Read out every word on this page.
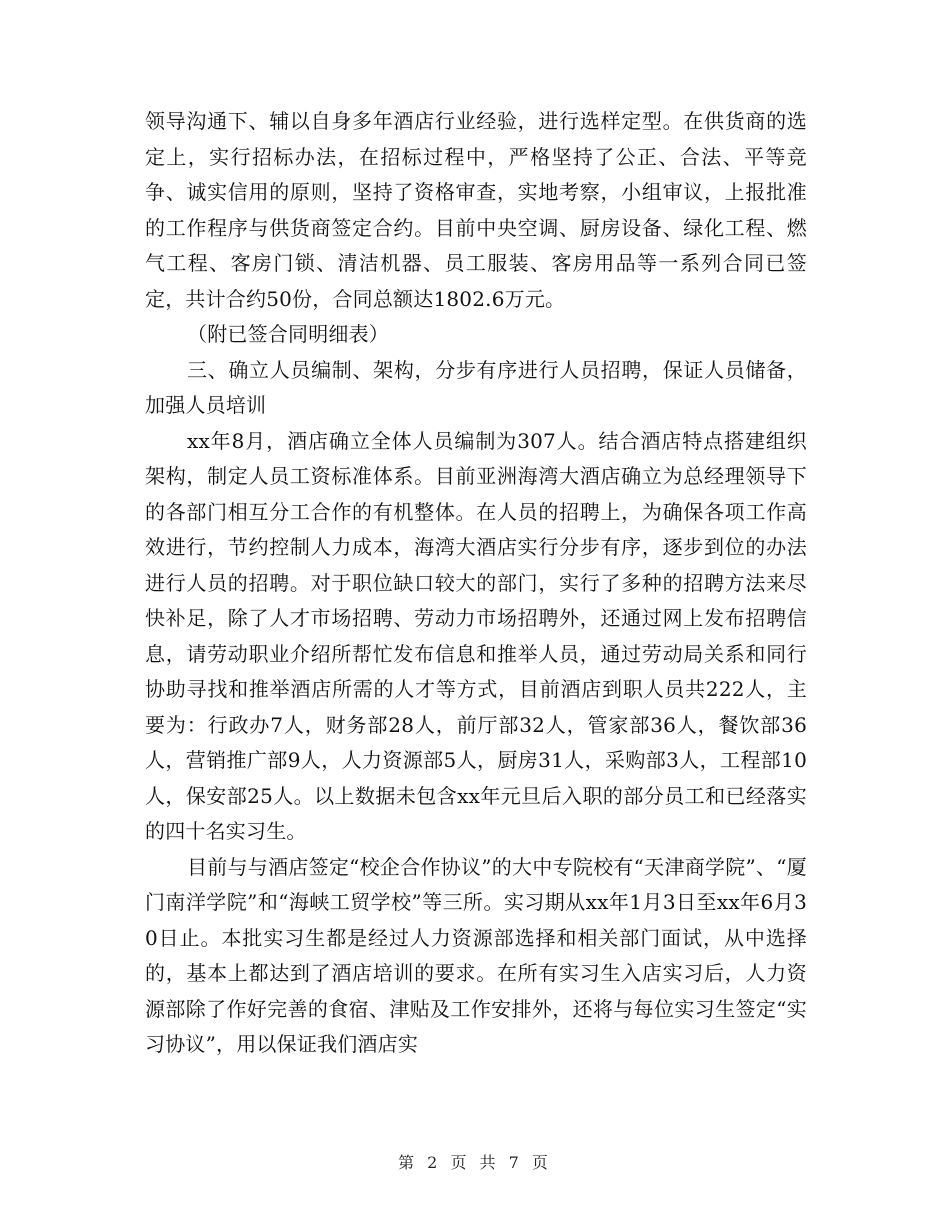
领导沟通下、辅以自身多年酒店行业经验，进行选样定型。在供货商的选定上，实行招标办法，在招标过程中，严格坚持了公正、合法、平等竞争、诚实信用的原则，坚持了资格审查，实地考察，小组审议，上报批准的工作程序与供货商签定合约。目前中央空调、厨房设备、绿化工程、燃气工程、客房门锁、清洁机器、员工服装、客房用品等一系列合同已签定，共计合约50份，合同总额达1802.6万元。

（附已签合同明细表）

三、确立人员编制、架构，分步有序进行人员招聘，保证人员储备，加强人员培训

xx年8月，酒店确立全体人员编制为307人。结合酒店特点搭建组织架构，制定人员工资标准体系。目前亚洲海湾大酒店确立为总经理领导下的各部门相互分工合作的有机整体。在人员的招聘上，为确保各项工作高效进行，节约控制人力成本，海湾大酒店实行分步有序，逐步到位的办法进行人员的招聘。对于职位缺口较大的部门，实行了多种的招聘方法来尽快补足，除了人才市场招聘、劳动力市场招聘外，还通过网上发布招聘信息，请劳动职业介绍所帮忙发布信息和推举人员，通过劳动局关系和同行协助寻找和推举酒店所需的人才等方式，目前酒店到职人员共222人，主要为：行政办7人，财务部28人，前厅部32人，管家部36人，餐饮部36人，营销推广部9人，人力资源部5人，厨房31人，采购部3人，工程部10人，保安部25人。以上数据未包含xx年元旦后入职的部分员工和已经落实的四十名实习生。

目前与与酒店签定“校企合作协议”的大中专院校有“天津商学院”、“厦门南洋学院”和“海峡工贸学校”等三所。实习期从xx年1月3日至xx年6月30日止。本批实习生都是经过人力资源部选择和相关部门面试，从中选择的，基本上都达到了酒店培训的要求。在所有实习生入店实习后，人力资源部除了作好完善的食宿、津贴及工作安排外，还将与每位实习生签定“实习协议”，用以保证我们酒店实

第 2 页 共 7 页
